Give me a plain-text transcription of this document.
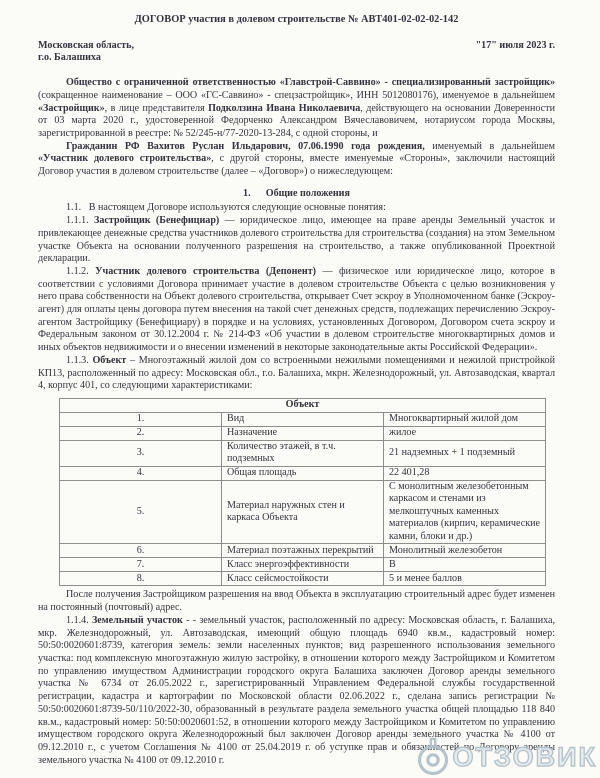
ДОГОВОР участия в долевом строительстве № АВТ401-02-02-02-142
Московская область,
г.о. Балашиха
"17" июля 2023 г.

Общество с ограниченной ответственностью «Главстрой-Саввино» - специализированный застройщик» (сокращенное наименование – ООО «ГС-Саввино» - спецзастройщик», ИНН 5012080176), именуемое в дальнейшем «Застройщик», в лице представителя Подколзина Ивана Николаевича, действующего на основании Доверенности от 03 марта 2020 г., удостоверенной Федорченко Александром Вячеславовичем, нотариусом города Москвы, зарегистрированной в реестре: № 52/245-н/77-2020-13-284, с одной стороны, и

Гражданин РФ Вахитов Руслан Ильдарович, 07.06.1990 года рождения, именуемый в дальнейшем «Участник долевого строительства», с другой стороны, вместе именуемые «Стороны», заключили настоящий Договор участия в долевом строительстве (далее – «Договор») о нижеследующем:

1.      Общие положения

1.1.   В настоящем Договоре используются следующие основные понятия:

1.1.1. Застройщик (Бенефициар) — юридическое лицо, имеющее на праве аренды Земельный участок и привлекающее денежные средства участников долевого строительства для строительства (создания) на этом Земельном участке Объекта на основании полученного разрешения на строительство, а также опубликованной Проектной декларации.

1.1.2. Участник долевого строительства (Депонент) — физическое или юридическое лицо, которое в соответствии с условиями Договора принимает участие в долевом строительстве Объекта с целью возникновения у него права собственности на Объект долевого строительства, открывает Счет эскроу в Уполномоченном банке (Эскроу-агент) для оплаты цены договора путем внесения на такой счет денежных средств, подлежащих перечислению Эскроу-агентом Застройщику (Бенефициару) в порядке и на условиях, установленных Договором, Договором счета эскроу и Федеральным законом от 30.12.2004 г. № 214-ФЗ «Об участии в долевом строительстве многоквартирных домов и иных объектов недвижимости и о внесении изменений в некоторые законодательные акты Российской Федерации».

1.1.3. Объект – Многоэтажный жилой дом со встроенными нежилыми помещениями и нежилой пристройкой КП13, расположенный по адресу: Московская обл., г.о. Балашиха, мкрн. Железнодорожный, ул. Автозаводская, квартал 4, корпус 401, со следующими характеристиками:

Объект		
1.	Вид	Многоквартирный жилой дом
2.	Назначение	жилое
3.	Количество этажей, в т.ч. подземных	21 надземных + 1 подземный
4.	Общая площадь	22 401,28
5.	Материал наружных стен и каркаса Объекта	С монолитным железобетонным каркасом и стенами из мелкоштучных каменных материалов (кирпич, керамические камни, блоки и др.)
6.	Материал поэтажных перекрытий	Монолитный железобетон
7.	Класс энергоэффективности	В
8.	Класс сейсмостойкости	5 и менее баллов

После получения Застройщиком разрешения на ввод Объекта в эксплуатацию строительный адрес будет изменен на постоянный (почтовый) адрес.

1.1.4. Земельный участок - - земельный участок, расположенный по адресу: Московская область, г. Балашиха, мкр. Железнодорожный, ул. Автозаводская, имеющий общую площадь 6940 кв.м., кадастровый номер: 50:50:0020601:8739, категория земель: земли населенных пунктов; вид разрешенного использования земельного участка: под комплексную многоэтажную жилую застройку, в отношении которого между Застройщиком и Комитетом по управлению имуществом Администрации городского округа Балашиха заключен Договор аренды земельного участка № 6734 от 26.05.2022 г., зарегистрированный Управлением Федеральной службы государственной регистрации, кадастра и картографии по Московской области 02.06.2022 г., сделана запись регистрации № 50:50:0020601:8739-50/110/2022-30, образованный в результате раздела земельного участка общей площадью 118 840 кв.м., кадастровый номер: 50:50:0020601:52, в отношении которого между Застройщиком и Комитетом по управлению имуществом городского округа Железнодорожный был заключен Договор аренды земельного участка № 4100 от 09.12.2010 г., с учетом Соглашения № 4100 от 25.04.2019 г. об уступке прав и обязанностей по Договору аренды земельного участка № 4100 от 09.12.2010 г.	ОТЗОВИК
